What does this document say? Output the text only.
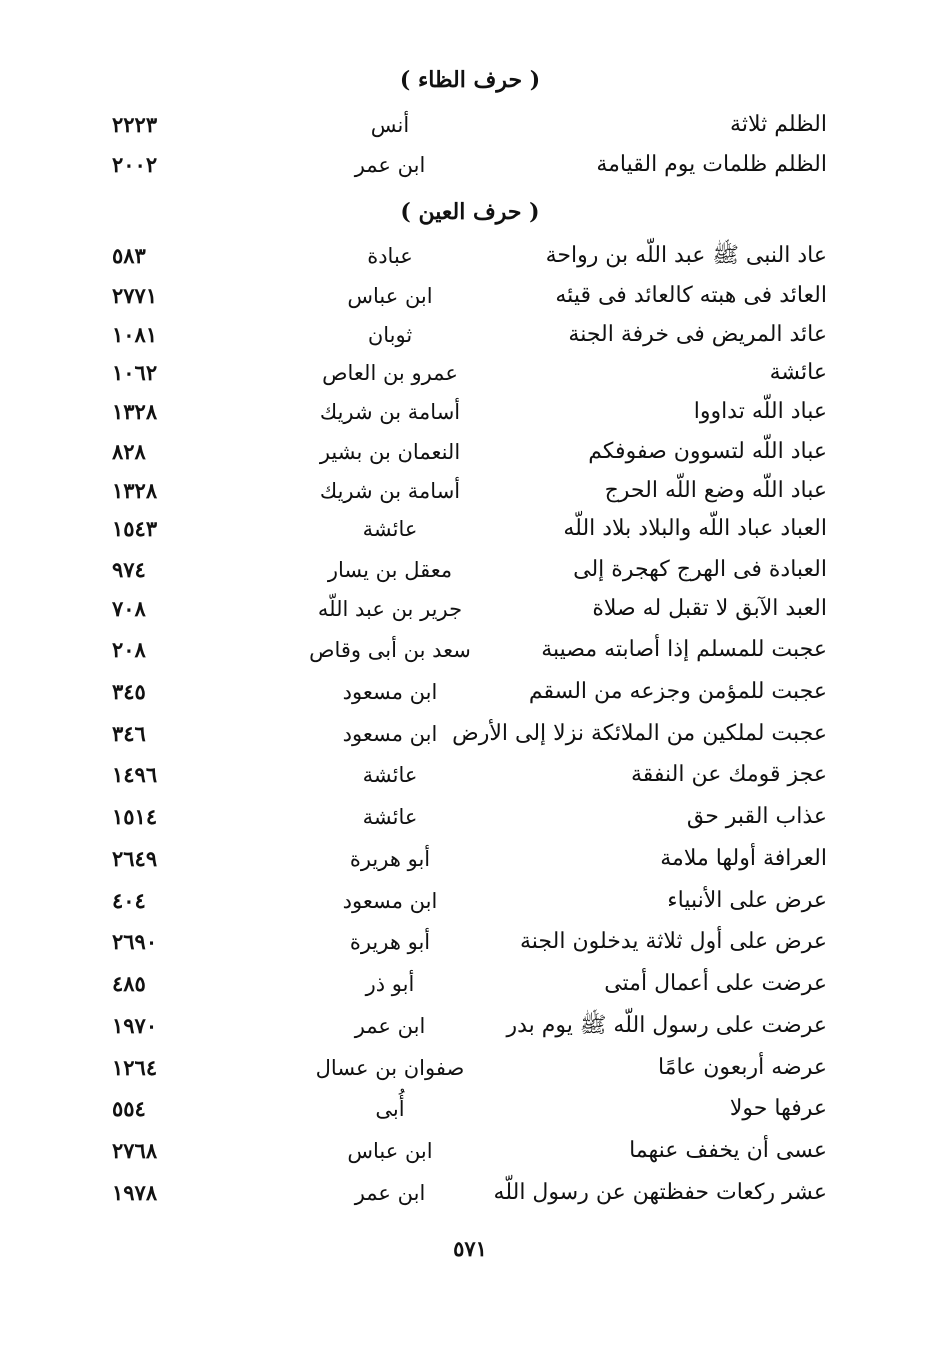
( حرف الظاء )
الظلم ثلاثة
أنس
٢٢٢٣
الظلم ظلمات يوم القيامة
ابن عمر
٢٠٠٢
( حرف العين )
عاد النبى ﷺ عبد اللّه بن رواحة
عبادة
٥٨٣
العائد فى هبته كالعائد فى قيئه
ابن عباس
٢٧٧١
عائد المريض فى خرفة الجنة
ثوبان
١٠٨١
عائشة
عمرو بن العاص
١٠٦٢
عباد اللّه تداووا
أسامة بن شريك
١٣٢٨
عباد اللّه لتسوون صفوفكم
النعمان بن بشير
٨٢٨
عباد اللّه وضع اللّه الحرج
أسامة بن شريك
١٣٢٨
العباد عباد اللّه والبلاد بلاد اللّه
عائشة
١٥٤٣
العبادة فى الهرج كهجرة إلى
معقل بن يسار
٩٧٤
العبد الآبق لا تقبل له صلاة
جرير بن عبد اللّه
٧٠٨
عجبت للمسلم إذا أصابته مصيبة
سعد بن أبى وقاص
٢٠٨
عجبت للمؤمن وجزعه من السقم
ابن مسعود
٣٤٥
عجبت لملكين من الملائكة نزلا إلى الأرض
ابن مسعود
٣٤٦
عجز قومك عن النفقة
عائشة
١٤٩٦
عذاب القبر حق
عائشة
١٥١٤
العرافة أولها ملامة
أبو هريرة
٢٦٤٩
عرض على الأنبياء
ابن مسعود
٤٠٤
عرض على أول ثلاثة يدخلون الجنة
أبو هريرة
٢٦٩٠
عرضت على أعمال أمتى
أبو ذر
٤٨٥
عرضت على رسول اللّه ﷺ يوم بدر
ابن عمر
١٩٧٠
عرضه أربعون عامًا
صفوان بن عسال
١٢٦٤
عرفها حولا
أُبى
٥٥٤
عسى أن يخفف عنهما
ابن عباس
٢٧٦٨
عشر ركعات حفظتهن عن رسول اللّه
ابن عمر
١٩٧٨
٥٧١
